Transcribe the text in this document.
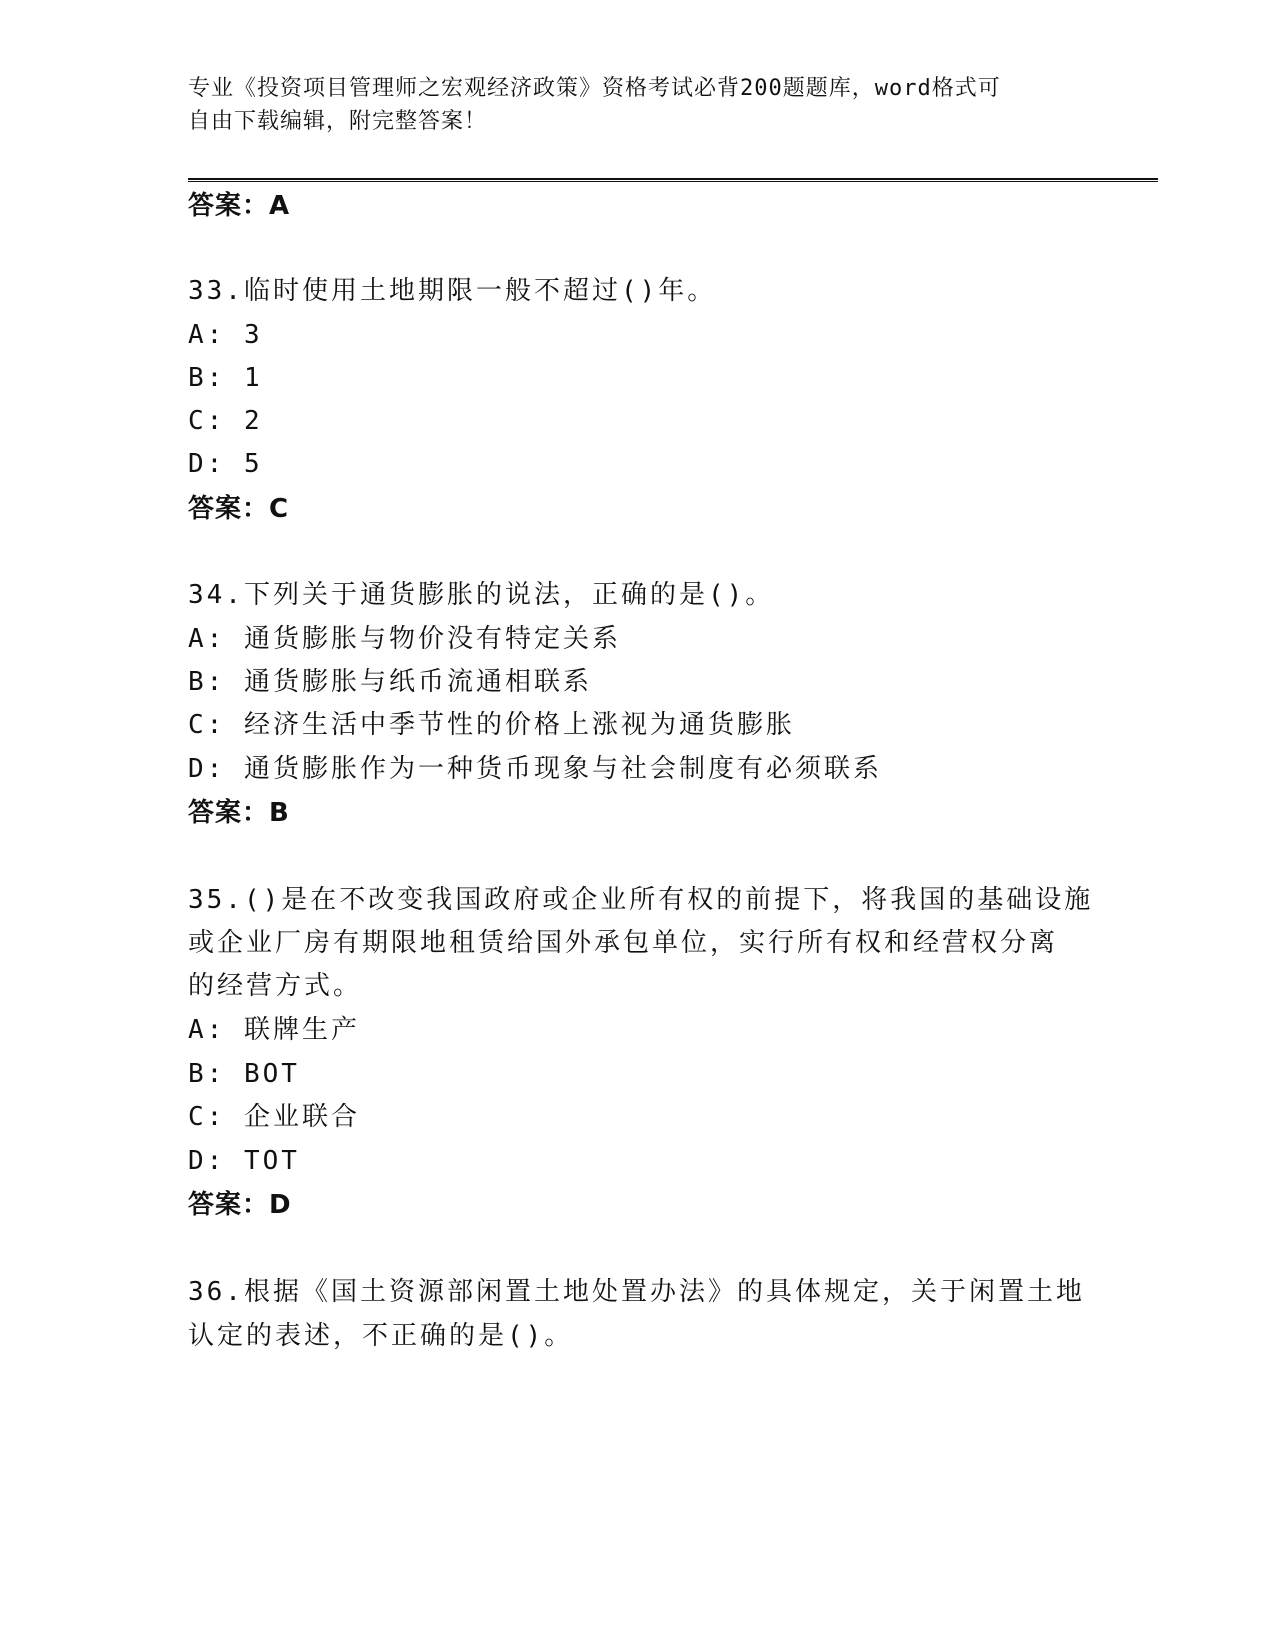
专业《投资项目管理师之宏观经济政策》资格考试必背200题题库，word格式可
自由下载编辑，附完整答案！
答案：A
33.临时使用土地期限一般不超过()年。
A: 3
B: 1
C: 2
D: 5
答案：C
34.下列关于通货膨胀的说法，正确的是()。
A: 通货膨胀与物价没有特定关系
B: 通货膨胀与纸币流通相联系
C: 经济生活中季节性的价格上涨视为通货膨胀
D: 通货膨胀作为一种货币现象与社会制度有必须联系
答案：B
35.()是在不改变我国政府或企业所有权的前提下，将我国的基础设施
或企业厂房有期限地租赁给国外承包单位，实行所有权和经营权分离
的经营方式。
A: 联牌生产
B: BOT
C: 企业联合
D: TOT
答案：D
36.根据《国土资源部闲置土地处置办法》的具体规定，关于闲置土地
认定的表述，不正确的是()。
